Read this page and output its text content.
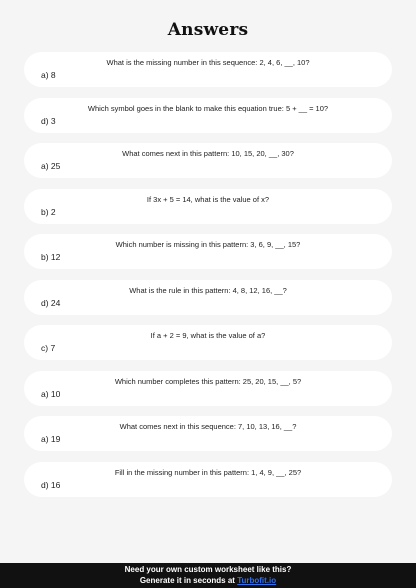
Answers
What is the missing number in this sequence: 2, 4, 6, __, 10?
a) 8
Which symbol goes in the blank to make this equation true: 5 + __ = 10?
d) 3
What comes next in this pattern: 10, 15, 20, __, 30?
a) 25
If 3x + 5 = 14, what is the value of x?
b) 2
Which number is missing in this pattern: 3, 6, 9, __, 15?
b) 12
What is the rule in this pattern: 4, 8, 12, 16, __?
d) 24
If a + 2 = 9, what is the value of a?
c) 7
Which number completes this pattern: 25, 20, 15, __, 5?
a) 10
What comes next in this sequence: 7, 10, 13, 16, __?
a) 19
Fill in the missing number in this pattern: 1, 4, 9, __, 25?
d) 16
Need your own custom worksheet like this?
Generate it in seconds at Turbofit.io
